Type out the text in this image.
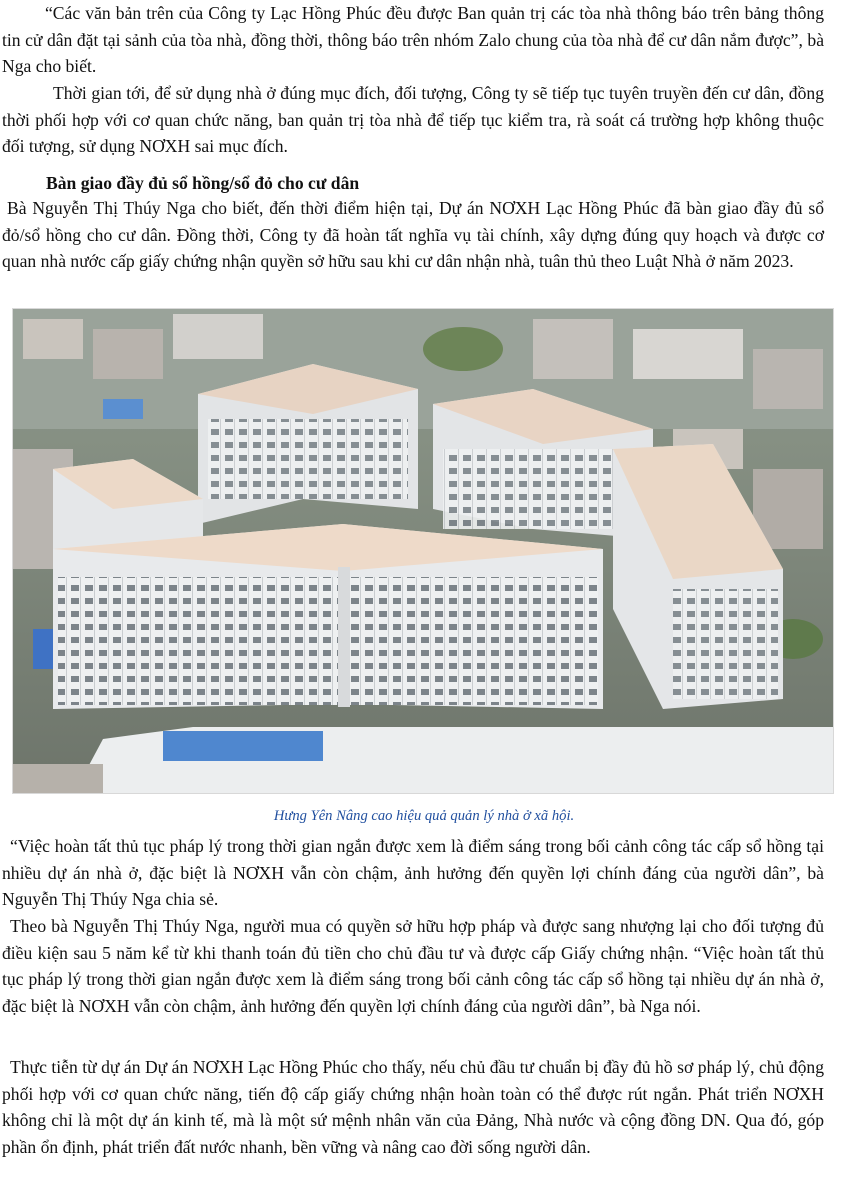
“Các văn bản trên của Công ty Lạc Hồng Phúc đều được Ban quản trị các tòa nhà thông báo trên bảng thông tin cử dân đặt tại sảnh của tòa nhà, đồng thời, thông báo trên nhóm Zalo chung của tòa nhà để cư dân nắm được”, bà Nga cho biết.

Thời gian tới, để sử dụng nhà ở đúng mục đích, đối tượng, Công ty sẽ tiếp tục tuyên truyền đến cư dân, đồng thời phối hợp với cơ quan chức năng, ban quản trị tòa nhà để tiếp tục kiểm tra, rà soát cá trường hợp không thuộc đối tượng, sử dụng NƠXH sai mục đích.

Bàn giao đầy đủ sổ hồng/sổ đỏ cho cư dân

Bà Nguyễn Thị Thúy Nga cho biết, đến thời điểm hiện tại, Dự án NƠXH Lạc Hồng Phúc đã bàn giao đầy đủ sổ đỏ/sổ hồng cho cư dân. Đồng thời, Công ty đã hoàn tất nghĩa vụ tài chính, xây dựng đúng quy hoạch và được cơ quan nhà nước cấp giấy chứng nhận quyền sở hữu sau khi cư dân nhận nhà, tuân thủ theo Luật Nhà ở năm 2023.

Hưng Yên Nâng cao hiệu quả quản lý nhà ở xã hội.

“Việc hoàn tất thủ tục pháp lý trong thời gian ngắn được xem là điểm sáng trong bối cảnh công tác cấp sổ hồng tại nhiều dự án nhà ở, đặc biệt là NƠXH vẫn còn chậm, ảnh hưởng đến quyền lợi chính đáng của người dân”, bà Nguyễn Thị Thúy Nga chia sẻ.

Theo bà Nguyễn Thị Thúy Nga, người mua có quyền sở hữu hợp pháp và được sang nhượng lại cho đối tượng đủ điều kiện sau 5 năm kể từ khi thanh toán đủ tiền cho chủ đầu tư và được cấp Giấy chứng nhận. “Việc hoàn tất thủ tục pháp lý trong thời gian ngắn được xem là điểm sáng trong bối cảnh công tác cấp sổ hồng tại nhiều dự án nhà ở, đặc biệt là NƠXH vẫn còn chậm, ảnh hưởng đến quyền lợi chính đáng của người dân”, bà Nga nói.

Thực tiễn từ dự án Dự án NƠXH Lạc Hồng Phúc cho thấy, nếu chủ đầu tư chuẩn bị đầy đủ hồ sơ pháp lý, chủ động phối hợp với cơ quan chức năng, tiến độ cấp giấy chứng nhận hoàn toàn có thể được rút ngắn. Phát triển NƠXH không chỉ là một dự án kinh tế, mà là một sứ mệnh nhân văn của Đảng, Nhà nước và cộng đồng DN. Qua đó, góp phần ổn định, phát triển đất nước nhanh, bền vững và nâng cao đời sống người dân.
